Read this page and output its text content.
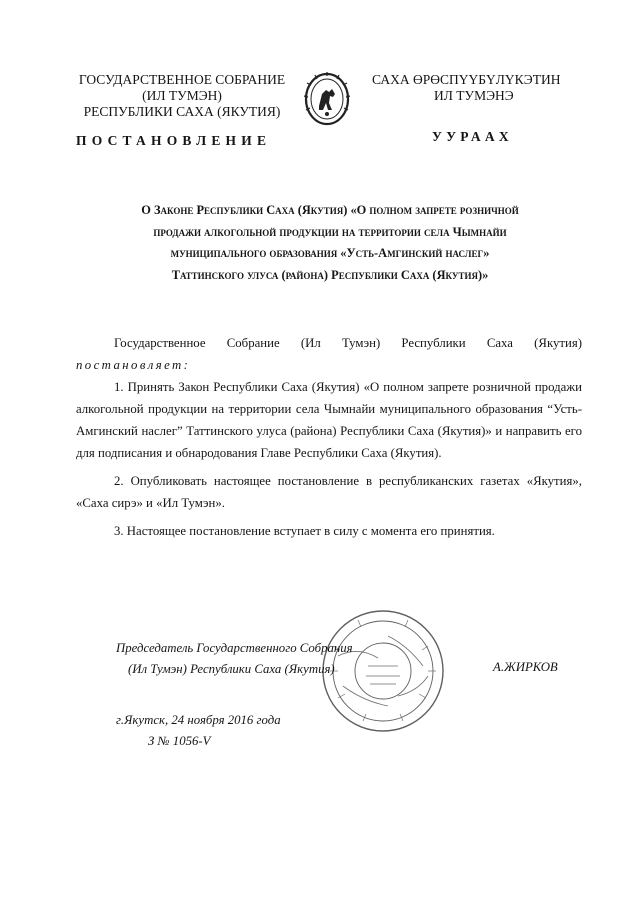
ГОСУДАРСТВЕННОЕ СОБРАНИЕ
(ИЛ ТУМЭН)
РЕСПУБЛИКИ САХА (ЯКУТИЯ)
САХА ӨРӨСПҮҮБҮЛҮКЭТИН
ИЛ ТУМЭНЭ
ПОСТАНОВЛЕНИЕ	УУРААХ
О Законе Республики Саха (Якутия) «О полном запрете розничной
продажи алкогольной продукции на территории села Чымнайи
муниципального образования «Усть-Амгинский наслег»
Таттинского улуса (района) Республики Саха (Якутия)»

Государственное Собрание (Ил Тумэн) Республики Саха (Якутия)

постановляет:

1. Принять Закон Республики Саха (Якутия) «О полном запрете розничной продажи алкогольной продукции на территории села Чымнайи муниципального образования “Усть-Амгинский наслег” Таттинского улуса (района) Республики Саха (Якутия)» и направить его для подписания и обнародования Главе Республики Саха (Якутия).

2. Опубликовать настоящее постановление в республиканских газетах «Якутия», «Саха сирэ» и «Ил Тумэн».

3. Настоящее постановление вступает в силу с момента его принятия.

Председатель Государственного Собрания
(Ил Тумэн) Республики Саха (Якутия)	А.ЖИРКОВ
г.Якутск, 24 ноября 2016 года
З № 1056-V
